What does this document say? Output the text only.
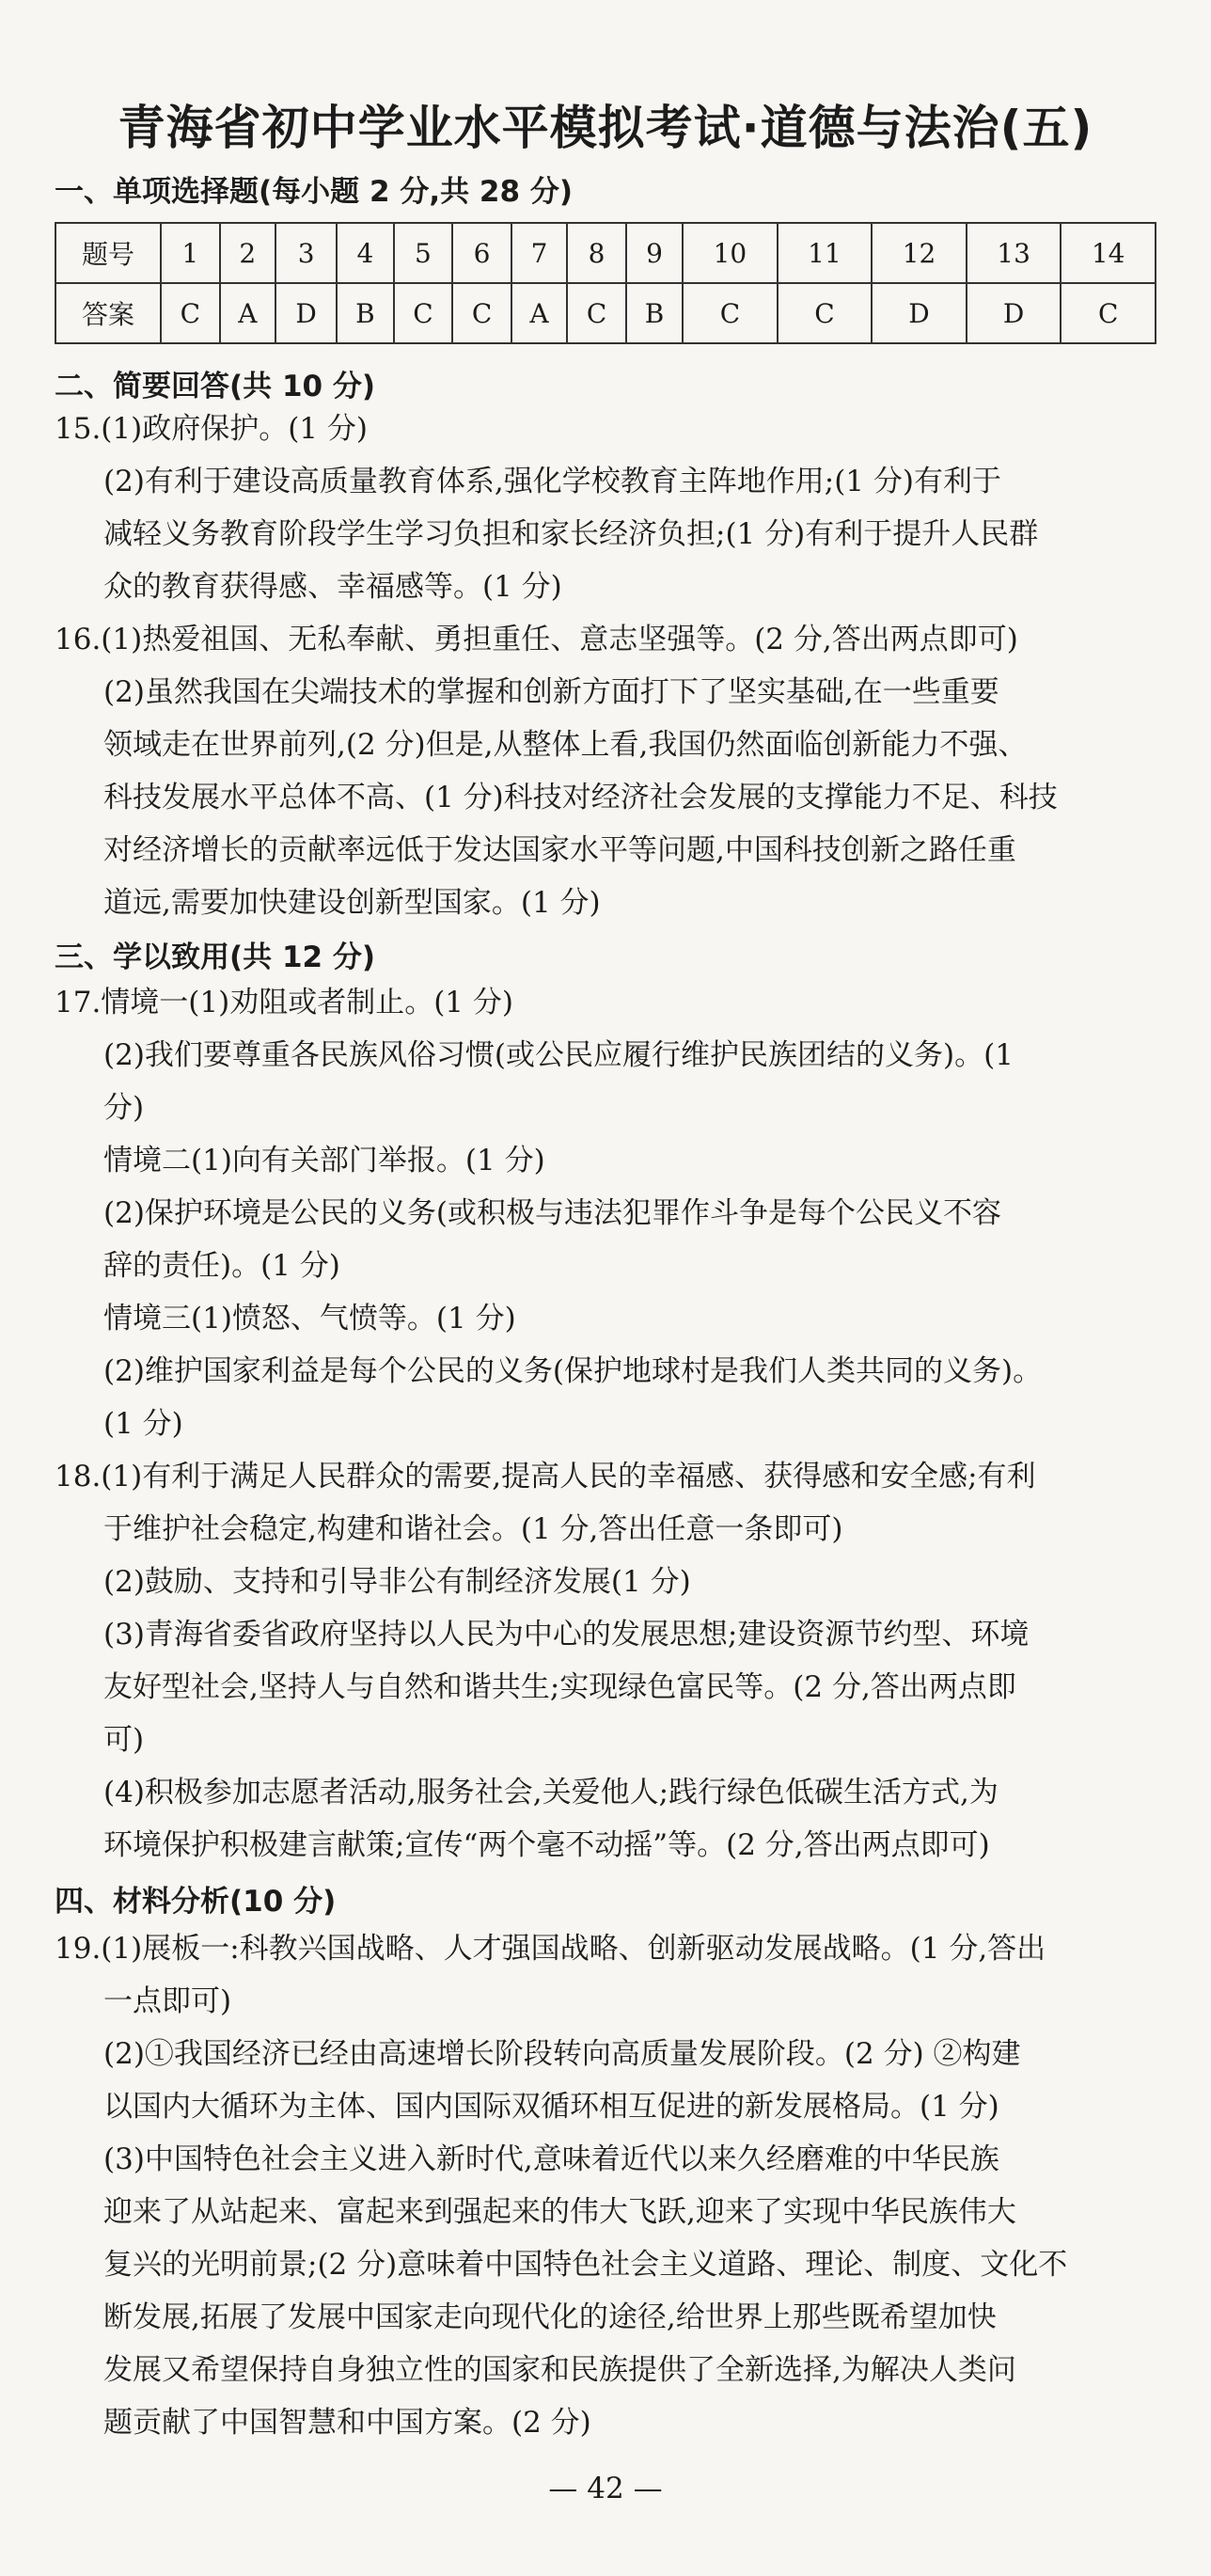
青海省初中学业水平模拟考试·道德与法治(五)
一、单项选择题(每小题 2 分,共 28 分)
题号	1	2	3	4	5	6	7	8	9	10	11	12	13	14
答案	C	A	D	B	C	C	A	C	B	C	C	D	D	C
二、简要回答(共 10 分)
15.(1)政府保护。(1 分)
(2)有利于建设高质量教育体系,强化学校教育主阵地作用;(1 分)有利于
减轻义务教育阶段学生学习负担和家长经济负担;(1 分)有利于提升人民群
众的教育获得感、幸福感等。(1 分)
16.(1)热爱祖国、无私奉献、勇担重任、意志坚强等。(2 分,答出两点即可)
(2)虽然我国在尖端技术的掌握和创新方面打下了坚实基础,在一些重要
领域走在世界前列,(2 分)但是,从整体上看,我国仍然面临创新能力不强、
科技发展水平总体不高、(1 分)科技对经济社会发展的支撑能力不足、科技
对经济增长的贡献率远低于发达国家水平等问题,中国科技创新之路任重
道远,需要加快建设创新型国家。(1 分)
三、学以致用(共 12 分)
17.情境一(1)劝阻或者制止。(1 分)
(2)我们要尊重各民族风俗习惯(或公民应履行维护民族团结的义务)。(1
分)
情境二(1)向有关部门举报。(1 分)
(2)保护环境是公民的义务(或积极与违法犯罪作斗争是每个公民义不容
辞的责任)。(1 分)
情境三(1)愤怒、气愤等。(1 分)
(2)维护国家利益是每个公民的义务(保护地球村是我们人类共同的义务)。
(1 分)
18.(1)有利于满足人民群众的需要,提高人民的幸福感、获得感和安全感;有利
于维护社会稳定,构建和谐社会。(1 分,答出任意一条即可)
(2)鼓励、支持和引导非公有制经济发展(1 分)
(3)青海省委省政府坚持以人民为中心的发展思想;建设资源节约型、环境
友好型社会,坚持人与自然和谐共生;实现绿色富民等。(2 分,答出两点即
可)
(4)积极参加志愿者活动,服务社会,关爱他人;践行绿色低碳生活方式,为
环境保护积极建言献策;宣传“两个毫不动摇”等。(2 分,答出两点即可)
四、材料分析(10 分)
19.(1)展板一:科教兴国战略、人才强国战略、创新驱动发展战略。(1 分,答出
一点即可)
(2)①我国经济已经由高速增长阶段转向高质量发展阶段。(2 分) ②构建
以国内大循环为主体、国内国际双循环相互促进的新发展格局。(1 分)
(3)中国特色社会主义进入新时代,意味着近代以来久经磨难的中华民族
迎来了从站起来、富起来到强起来的伟大飞跃,迎来了实现中华民族伟大
复兴的光明前景;(2 分)意味着中国特色社会主义道路、理论、制度、文化不
断发展,拓展了发展中国家走向现代化的途径,给世界上那些既希望加快
发展又希望保持自身独立性的国家和民族提供了全新选择,为解决人类问
题贡献了中国智慧和中国方案。(2 分)
— 42 —
